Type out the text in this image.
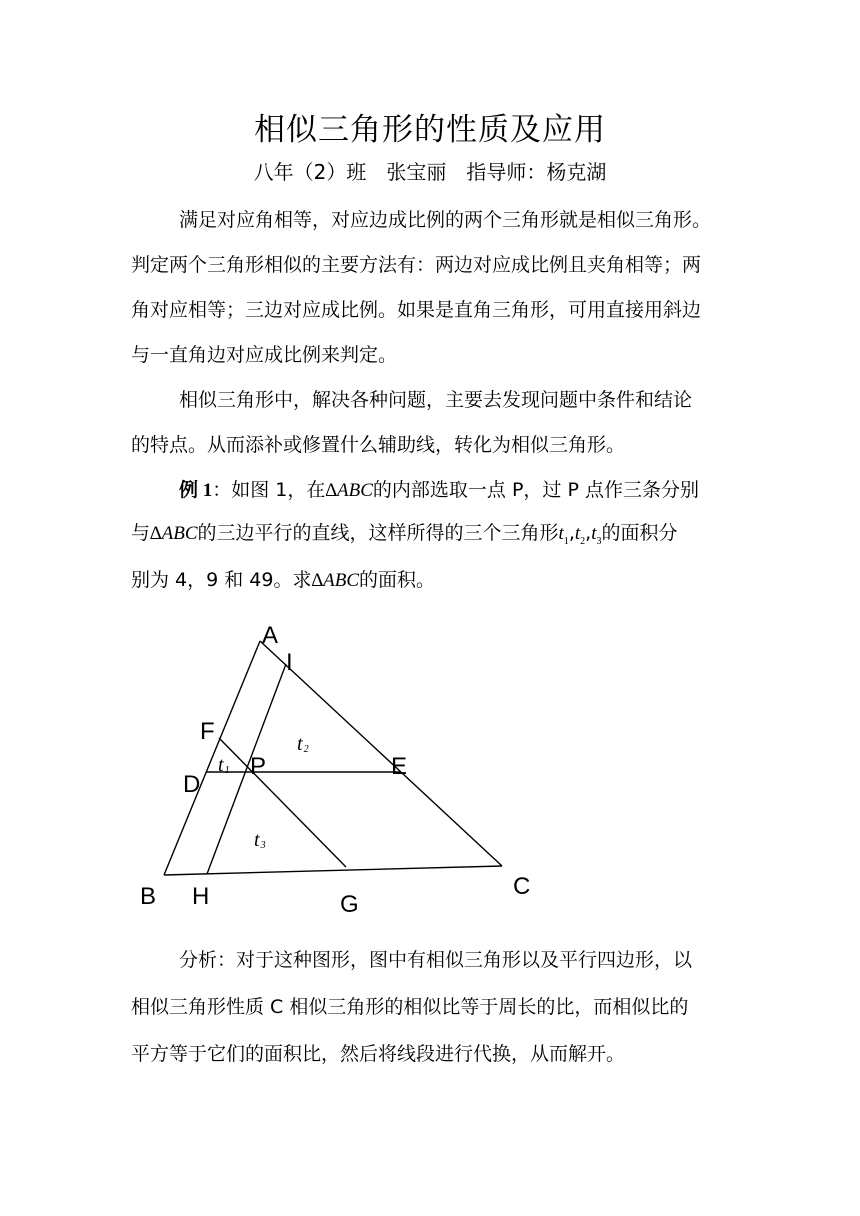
相似三角形的性质及应用
八年（2）班　张宝丽　指导师：杨克湖
满足对应角相等，对应边成比例的两个三角形就是相似三角形。
判定两个三角形相似的主要方法有：两边对应成比例且夹角相等；两
角对应相等；三边对应成比例。如果是直角三角形，可用直接用斜边
与一直角边对应成比例来判定。
相似三角形中，解决各种问题，主要去发现问题中条件和结论
的特点。从而添补或修置什么辅助线，转化为相似三角形。
例 1：如图 1，在∆ABC的内部选取一点 P，过 P 点作三条分别
与∆ABC的三边平行的直线，这样所得的三个三角形$t_1,t_2,t_3$的面积分
别为 4，9 和 49。求∆ABC的面积。
A
I
F
P	E
D
B H	C
G
t1
t2
t3
分析：对于这种图形，图中有相似三角形以及平行四边形，以
相似三角形性质 C 相似三角形的相似比等于周长的比，而相似比的
平方等于它们的面积比，然后将线段进行代换，从而解开。
